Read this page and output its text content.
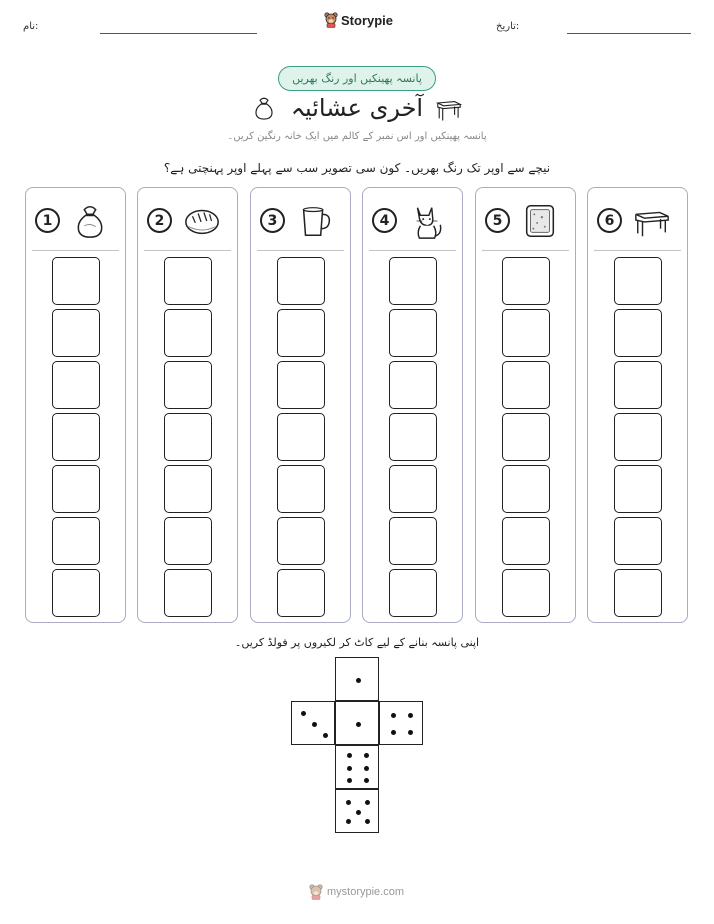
نام:	Storypie	تاریخ:
پانسہ پھینکیں اور رنگ بھریں
آخری عشائیہ
پانسہ پھینکیں اور اس نمبر کے کالم میں ایک خانہ رنگین کریں۔
نیچے سے اوپر تک رنگ بھریں۔ کون سی تصویر سب سے پہلے اوپر پہنچتی ہے؟
1	2	3	4	5	6
اپنی پانسہ بنانے کے لیے کاٹ کر لکیروں پر فولڈ کریں۔
mystorypie.com
